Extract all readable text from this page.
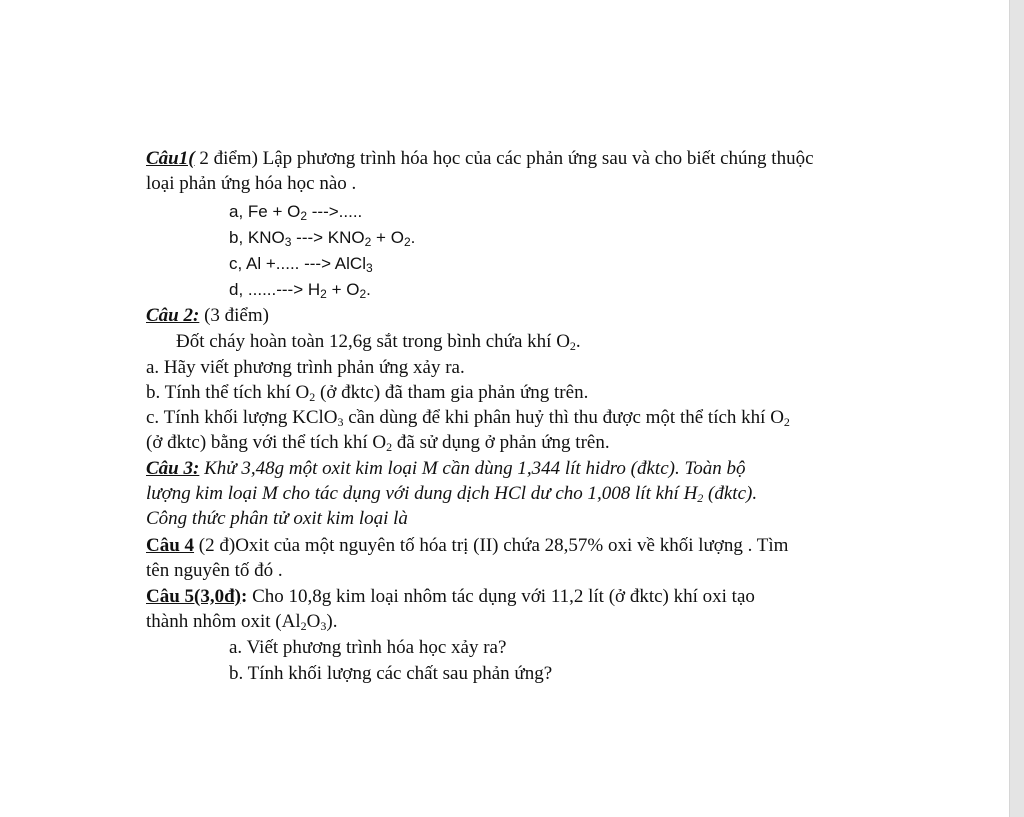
Câu1( 2 điểm) Lập phương trình hóa học của các phản ứng sau và cho biết chúng thuộc
loại phản ứng hóa học nào .
a, $Fe + O_2$ --->.....
b, $KNO_3$ ---> $KNO_2 + O_2$.
c, Al +..... ---> AlCl$_3$
d, ......---> $H_2 + O_2$.
Câu 2: (3 điểm)
Đốt cháy hoàn toàn 12,6g sắt trong bình chứa khí $O_2$.
a. Hãy viết phương trình phản ứng xảy ra.
b. Tính thể tích khí $O_2$ (ở đktc) đã tham gia phản ứng trên.
c. Tính khối lượng KClO$_3$ cần dùng để khi phân huỷ thì thu được một thể tích khí $O_2$
(ở đktc) bằng với thể tích khí $O_2$ đã sử dụng ở phản ứng trên.
Câu 3: Khử 3,48g một oxit kim loại M cần dùng 1,344 lít hidro (đktc). Toàn bộ
lượng kim loại M cho tác dụng với dung dịch HCl dư cho 1,008 lít khí $H_2$ (đktc).
Công thức phân tử oxit kim loại là
Câu 4 (2 đ)Oxit của một nguyên tố hóa trị (II) chứa 28,57% oxi về khối lượng . Tìm
tên nguyên tố đó .
Câu 5(3,0đ): Cho 10,8g kim loại nhôm tác dụng với 11,2 lít (ở đktc) khí oxi tạo
thành nhôm oxit $(Al_2O_3)$.
a. Viết phương trình hóa học xảy ra?
b. Tính khối lượng các chất sau phản ứng?
